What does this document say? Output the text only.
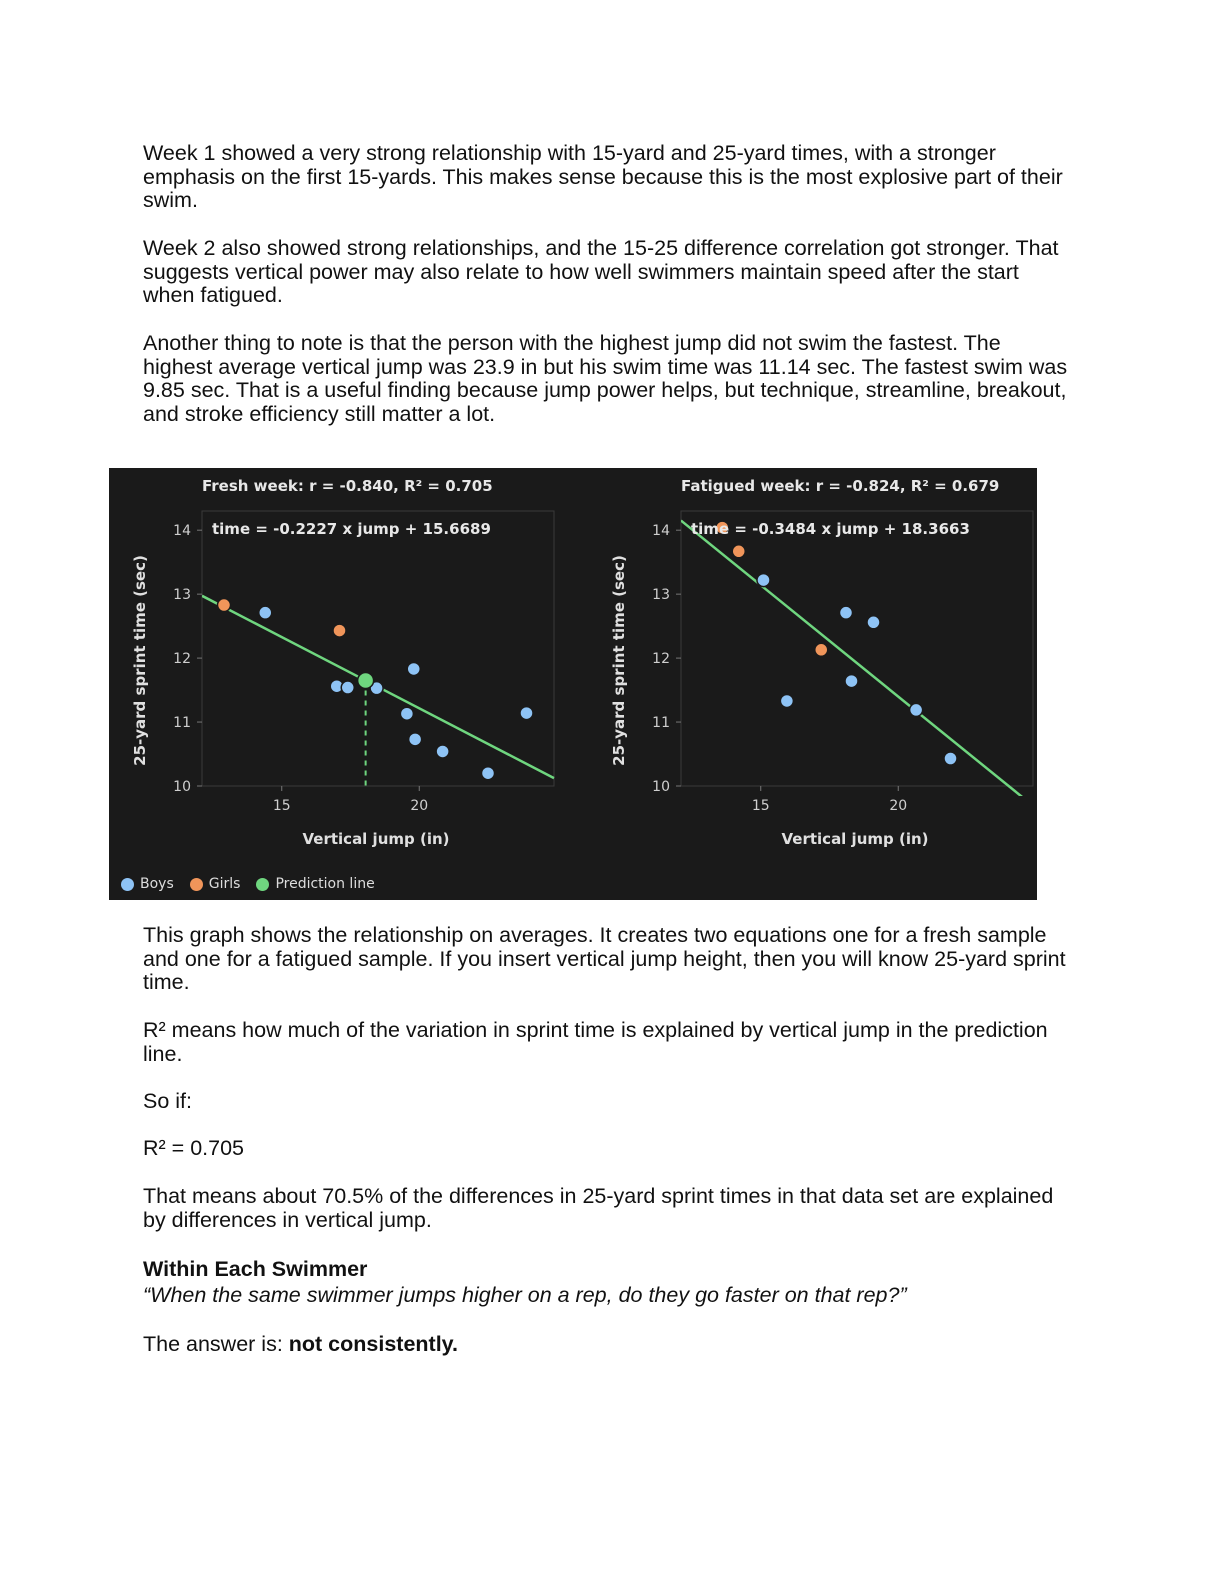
Week 1 showed a very strong relationship with 15-yard and 25-yard times, with a stronger emphasis on the first 15-yards. This makes sense because this is the most explosive part of their swim.

Week 2 also showed strong relationships, and the 15-25 difference correlation got stronger. That suggests vertical power may also relate to how well swimmers maintain speed after the start when fatigued.

Another thing to note is that the person with the highest jump did not swim the fastest. The highest average vertical jump was 23.9 in but his swim time was 11.14 sec. The fastest swim was 9.85 sec. That is a useful finding because jump power helps, but technique, streamline, breakout, and stroke efficiency still matter a lot.

10
11
12
13
14
15	20
Fresh week: r = -0.840, R² = 0.705
Vertical jump (in)
25-yard sprint time (sec)
time = -0.2227 x jump + 15.6689
10
11
12
13
14
15	20
Fatigued week: r = -0.824, R² = 0.679
Vertical jump (in)
25-yard sprint time (sec)
time = -0.3484 x jump + 18.3663
Boys	Girls	Prediction line

This graph shows the relationship on averages. It creates two equations one for a fresh sample and one for a fatigued sample. If you insert vertical jump height, then you will know 25-yard sprint time.

R² means how much of the variation in sprint time is explained by vertical jump in the prediction line.

So if:

R² = 0.705

That means about 70.5% of the differences in 25-yard sprint times in that data set are explained by differences in vertical jump.

Within Each Swimmer

“When the same swimmer jumps higher on a rep, do they go faster on that rep?”

The answer is: not consistently.
